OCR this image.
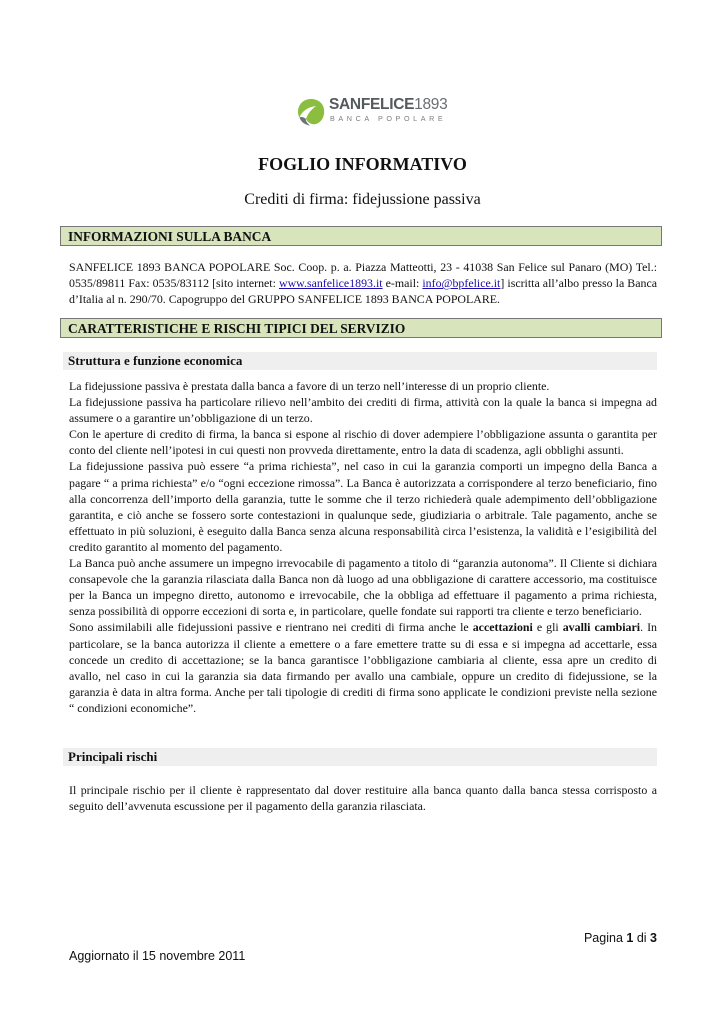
SANFELICE1893
BANCA POPOLARE
FOGLIO INFORMATIVO
Crediti di firma: fidejussione passiva
INFORMAZIONI SULLA BANCA

SANFELICE 1893 BANCA POPOLARE Soc. Coop. p. a. Piazza Matteotti, 23 - 41038 San Felice sul Panaro (MO) Tel.: 0535/89811 Fax: 0535/83112 [sito internet: www.sanfelice1893.it e-mail: info@bpfelice.it] iscritta all’albo presso la Banca d’Italia al n. 290/70. Capogruppo del GRUPPO SANFELICE 1893 BANCA POPOLARE.

CARATTERISTICHE E RISCHI TIPICI DEL SERVIZIO
Struttura e funzione economica

La fidejussione passiva è prestata dalla banca a favore di un terzo nell’interesse di un proprio cliente.

La fidejussione passiva ha particolare rilievo nell’ambito dei crediti di firma, attività con la quale la banca si impegna ad assumere o a garantire un’obbligazione di un terzo.

Con le aperture di credito di firma, la banca si espone al rischio di dover adempiere l’obbligazione assunta o garantita per conto del cliente nell’ipotesi in cui questi non provveda direttamente, entro la data di scadenza, agli obblighi assunti.

La fidejussione passiva può essere “a prima richiesta”, nel caso in cui la garanzia comporti un impegno della Banca a pagare “ a prima richiesta” e/o “ogni eccezione rimossa”. La Banca è autorizzata a corrispondere al terzo beneficiario, fino alla concorrenza dell’importo della garanzia, tutte le somme che il terzo richiederà quale adempimento dell’obbligazione garantita, e ciò anche se fossero sorte contestazioni in qualunque sede, giudiziaria o arbitrale. Tale pagamento, anche se effettuato in più soluzioni, è eseguito dalla Banca senza alcuna responsabilità circa l’esistenza, la validità e l’esigibilità del credito garantito al momento del pagamento.

La Banca può anche assumere un impegno irrevocabile di pagamento a titolo di “garanzia autonoma”. Il Cliente si dichiara consapevole che la garanzia rilasciata dalla Banca non dà luogo ad una obbligazione di carattere accessorio, ma costituisce per la Banca un impegno diretto, autonomo e irrevocabile, che la obbliga ad effettuare il pagamento a prima richiesta, senza possibilità di opporre eccezioni di sorta e, in particolare, quelle fondate sui rapporti tra cliente e terzo beneficiario.

Sono assimilabili alle fidejussioni passive e rientrano nei crediti di firma anche le accettazioni e gli avalli cambiari. In particolare, se la banca autorizza il cliente a emettere o a fare emettere tratte su di essa e si impegna ad accettarle, essa concede un credito di accettazione; se la banca garantisce l’obbligazione cambiaria al cliente, essa apre un credito di avallo, nel caso in cui la garanzia sia data firmando per avallo una cambiale, oppure un credito di fidejussione, se la garanzia è data in altra forma. Anche per tali tipologie di crediti di firma sono applicate le condizioni previste nella sezione “ condizioni economiche”.

Principali rischi

Il principale rischio per il cliente è rappresentato dal dover restituire alla banca quanto dalla banca stessa corrisposto a seguito dell’avvenuta escussione per il pagamento della garanzia rilasciata.

Pagina 1 di 3
Aggiornato il 15 novembre 2011
